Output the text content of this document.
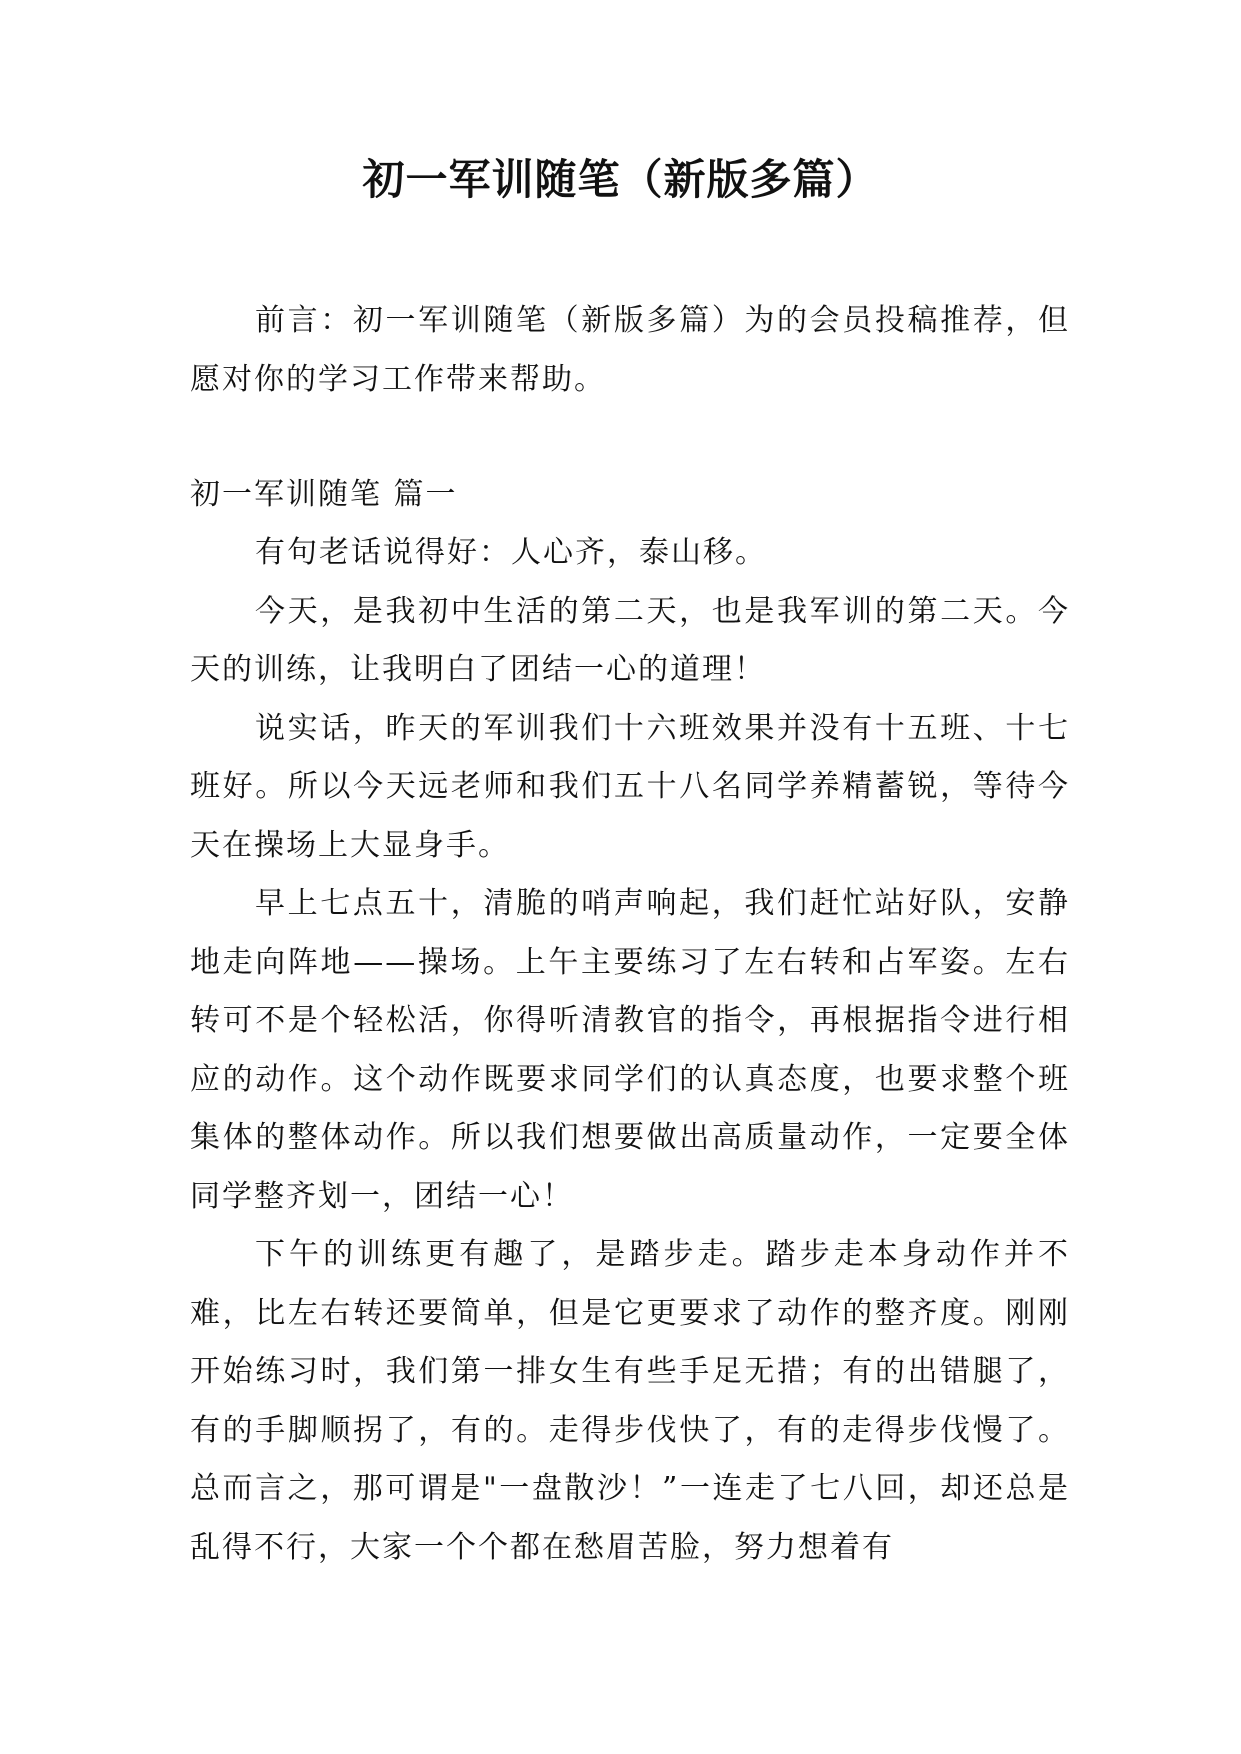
初一军训随笔（新版多篇）
前言：初一军训随笔（新版多篇）为的会员投稿推荐，但愿对你的学习工作带来帮助。
初一军训随笔 篇一

有句老话说得好：人心齐，泰山移。

今天，是我初中生活的第二天，也是我军训的第二天。今天的训练，让我明白了团结一心的道理！

说实话，昨天的军训我们十六班效果并没有十五班、十七班好。所以今天远老师和我们五十八名同学养精蓄锐，等待今天在操场上大显身手。

早上七点五十，清脆的哨声响起，我们赶忙站好队，安静地走向阵地——操场。上午主要练习了左右转和占军姿。左右转可不是个轻松活，你得听清教官的指令，再根据指令进行相应的动作。这个动作既要求同学们的认真态度，也要求整个班集体的整体动作。所以我们想要做出高质量动作，一定要全体同学整齐划一，团结一心！

下午的训练更有趣了，是踏步走。踏步走本身动作并不难，比左右转还要简单，但是它更要求了动作的整齐度。刚刚开始练习时，我们第一排女生有些手足无措；有的出错腿了，有的手脚顺拐了，有的。走得步伐快了，有的走得步伐慢了。总而言之，那可谓是"一盘散沙！”一连走了七八回，却还总是乱得不行，大家一个个都在愁眉苦脸，努力想着有
